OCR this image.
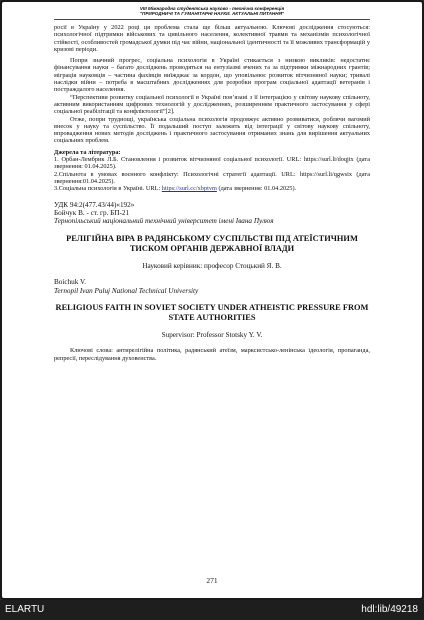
VIII Міжнародна студентська науково - технічна конференція
"ПРИРОДНИЧІ ТА ГУМАНІТАРНІ НАУКИ. АКТУАЛЬНІ ПИТАННЯ"

росії в Україну у 2022 році ця проблема стала ще більш актуальною. Ключові дослідження стосуються: психологічної підтримки військових та цивільного населення, колективної травми та механізмів психологічної стійкості, особливостей громадської думки під час війни, національної ідентичності та її можливих трансформацій у кризові періоди.

Попри значний прогрес, соціальна психологія в Україні стикається з низкою викликів: недостатнє фінансування науки – багато досліджень проводяться на ентузіазмі вчених та за підтримки міжнародних грантів; міграція науковців – частина фахівців виїжджає за кордон, що уповільнює розвиток вітчизняної науки; тривалі наслідки війни – потреба в масштабних дослідженнях для розробки програм соціальної адаптації ветеранів і постраждалого населення.

“Перспективи розвитку соціальної психології в Україні пов’язані з її інтеграцією у світову наукову спільноту, активним використанням цифрових технологій у дослідженнях, розширенням практичного застосування у сфері соціальної реабілітації та конфліктології”[2].

Отже, попри труднощі, українська соціальна психологія продовжує активно розвиватися, роблячи вагомий внесок у науку та суспільство. Її подальший поступ залежить від інтеграції у світову наукову спільноту, впровадження нових методів досліджень і практичного застосування отриманих знань для вирішення актуальних соціальних проблем.

Джерела та література:

1. Орбан-Лембрик Л.Б. Становлення і розвиток вітчизняної соціальної психології. URL: https://surl.li/doqjtx (дата звернення: 01.04.2025).

2.Спільнота в умовах воєнного конфлікту: Психологічні стратегії адаптації. URL: https://surl.li/qgwsix (дата звернення:01.04.2025).

3.Соціальна психологія в Україні. URL: https://surl.cc/xbptvm (дата звернення: 01.04.2025).

УДК 94:2(477.43/44)«192»

Бойчук В. - ст. гр. БП-21

Тернопільський національний технічний університет імені Івана Пулюя

РЕЛІГІЙНА ВІРА В РАДЯНСЬКОМУ СУСПІЛЬСТВІ ПІД АТЕЇСТИЧНИМ ТИСКОМ ОРГАНІВ ДЕРЖАВНОЇ ВЛАДИ

Науковий керівник: професор Стоцький Я. В.

Boichuk V.

Ternopil Ivan Puluj National Technical University

RELIGIOUS FAITH IN SOVIET SOCIETY UNDER ATHEISTIC PRESSURE FROM STATE AUTHORITIES

Supervisor: Professor Stotsky Y. V.

Ключові слова: антирелігійна політика, радянський атеїзм, марксистсько-ленінська ідеологія, пропаганда, репресії, переслідування духовенства.

271
ELARTU	hdl:lib/49218
